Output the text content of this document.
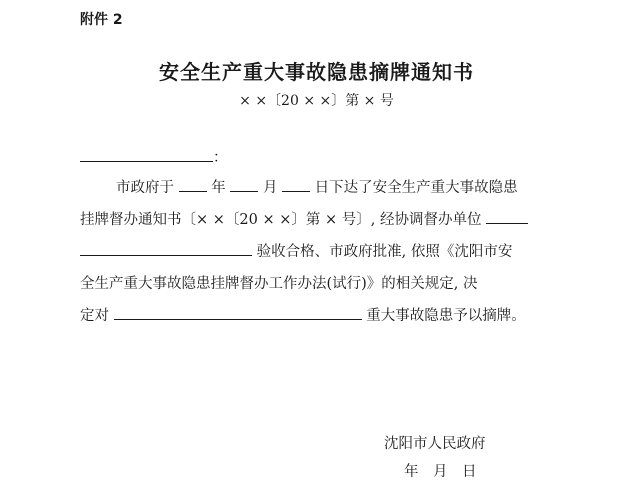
附件 2
安全生产重大事故隐患摘牌通知书
× ×〔20 × ×〕第 × 号
：
市政府于	年	月	日下达了安全生产重大事故隐患
挂牌督办通知书〔× ×〔20 × ×〕第 × 号〕, 经协调督办单位
验收合格、市政府批准, 依照《沈阳市安
全生产重大事故隐患挂牌督办工作办法(试行)》的相关规定, 决
定对	重大事故隐患予以摘牌。
沈阳市人民政府
年　月　日
